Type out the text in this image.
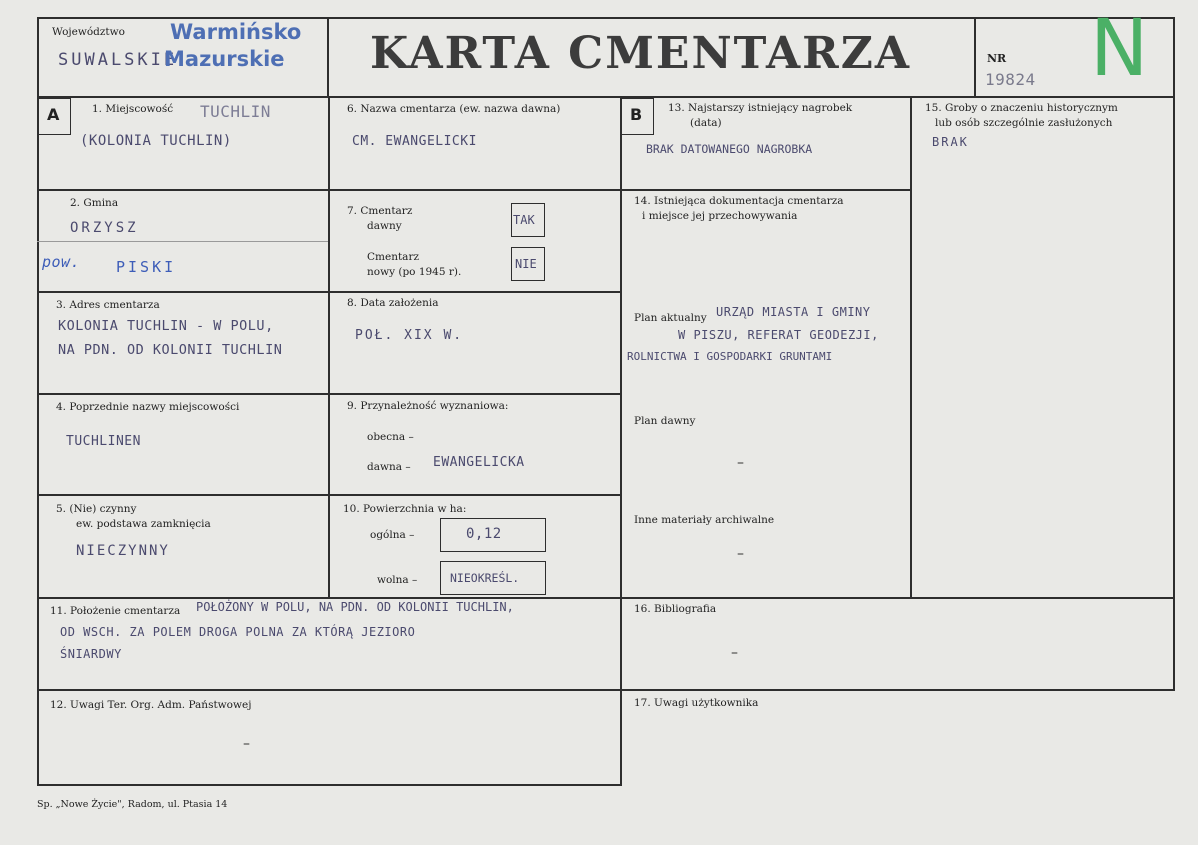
Województwo
SUWALSKIE
Warmińsko
Mazurskie KARTA CMENTARZA	NR
19824 N
A	1. Miejscowość TUCHLIN
(KOLONIA TUCHLIN)
2. Gmina
ORZYSZ
pow. PISKI
3. Adres cmentarza
KOLONIA TUCHLIN - W POLU,
NA PDN. OD KOLONII TUCHLIN
4. Poprzednie nazwy miejscowości
TUCHLINEN
5. (Nie) czynny
ew. podstawa zamknięcia
NIECZYNNY
6. Nazwa cmentarza (ew. nazwa dawna)
CM. EWANGELICKI
7. Cmentarz
dawny	TAK
Cmentarz
nowy (po 1945 r).
NIE
8. Data założenia
POŁ. XIX W.
9. Przynależność wyznaniowa:
obecna –
dawna – EWANGELICKA
10. Powierzchnia w ha:
ogólna –	0,12
wolna –	NIEOKREŚL.
B 13. Najstarszy istniejący nagrobek
(data)
BRAK DATOWANEGO NAGROBKA
14. Istniejąca dokumentacja cmentarza
i miejsce jej przechowywania
Plan aktualny URZĄD MIASTA I GMINY
W PISZU, REFERAT GEODEZJI,
ROLNICTWA I GOSPODARKI GRUNTAMI
Plan dawny
–
Inne materiały archiwalne
–
15. Groby o znaczeniu historycznym
lub osób szczególnie zasłużonych
BRAK
11. Położenie cmentarza POŁOŻONY W POLU, NA PDN. OD KOLONII TUCHLIN,
OD WSCH. ZA POLEM DROGA POLNA ZA KTÓRĄ JEZIORO
ŚNIARDWY
12. Uwagi Ter. Org. Adm. Państwowej
–
16. Bibliografia
–
17. Uwagi użytkownika
Sp. „Nowe Życie", Radom, ul. Ptasia 14
